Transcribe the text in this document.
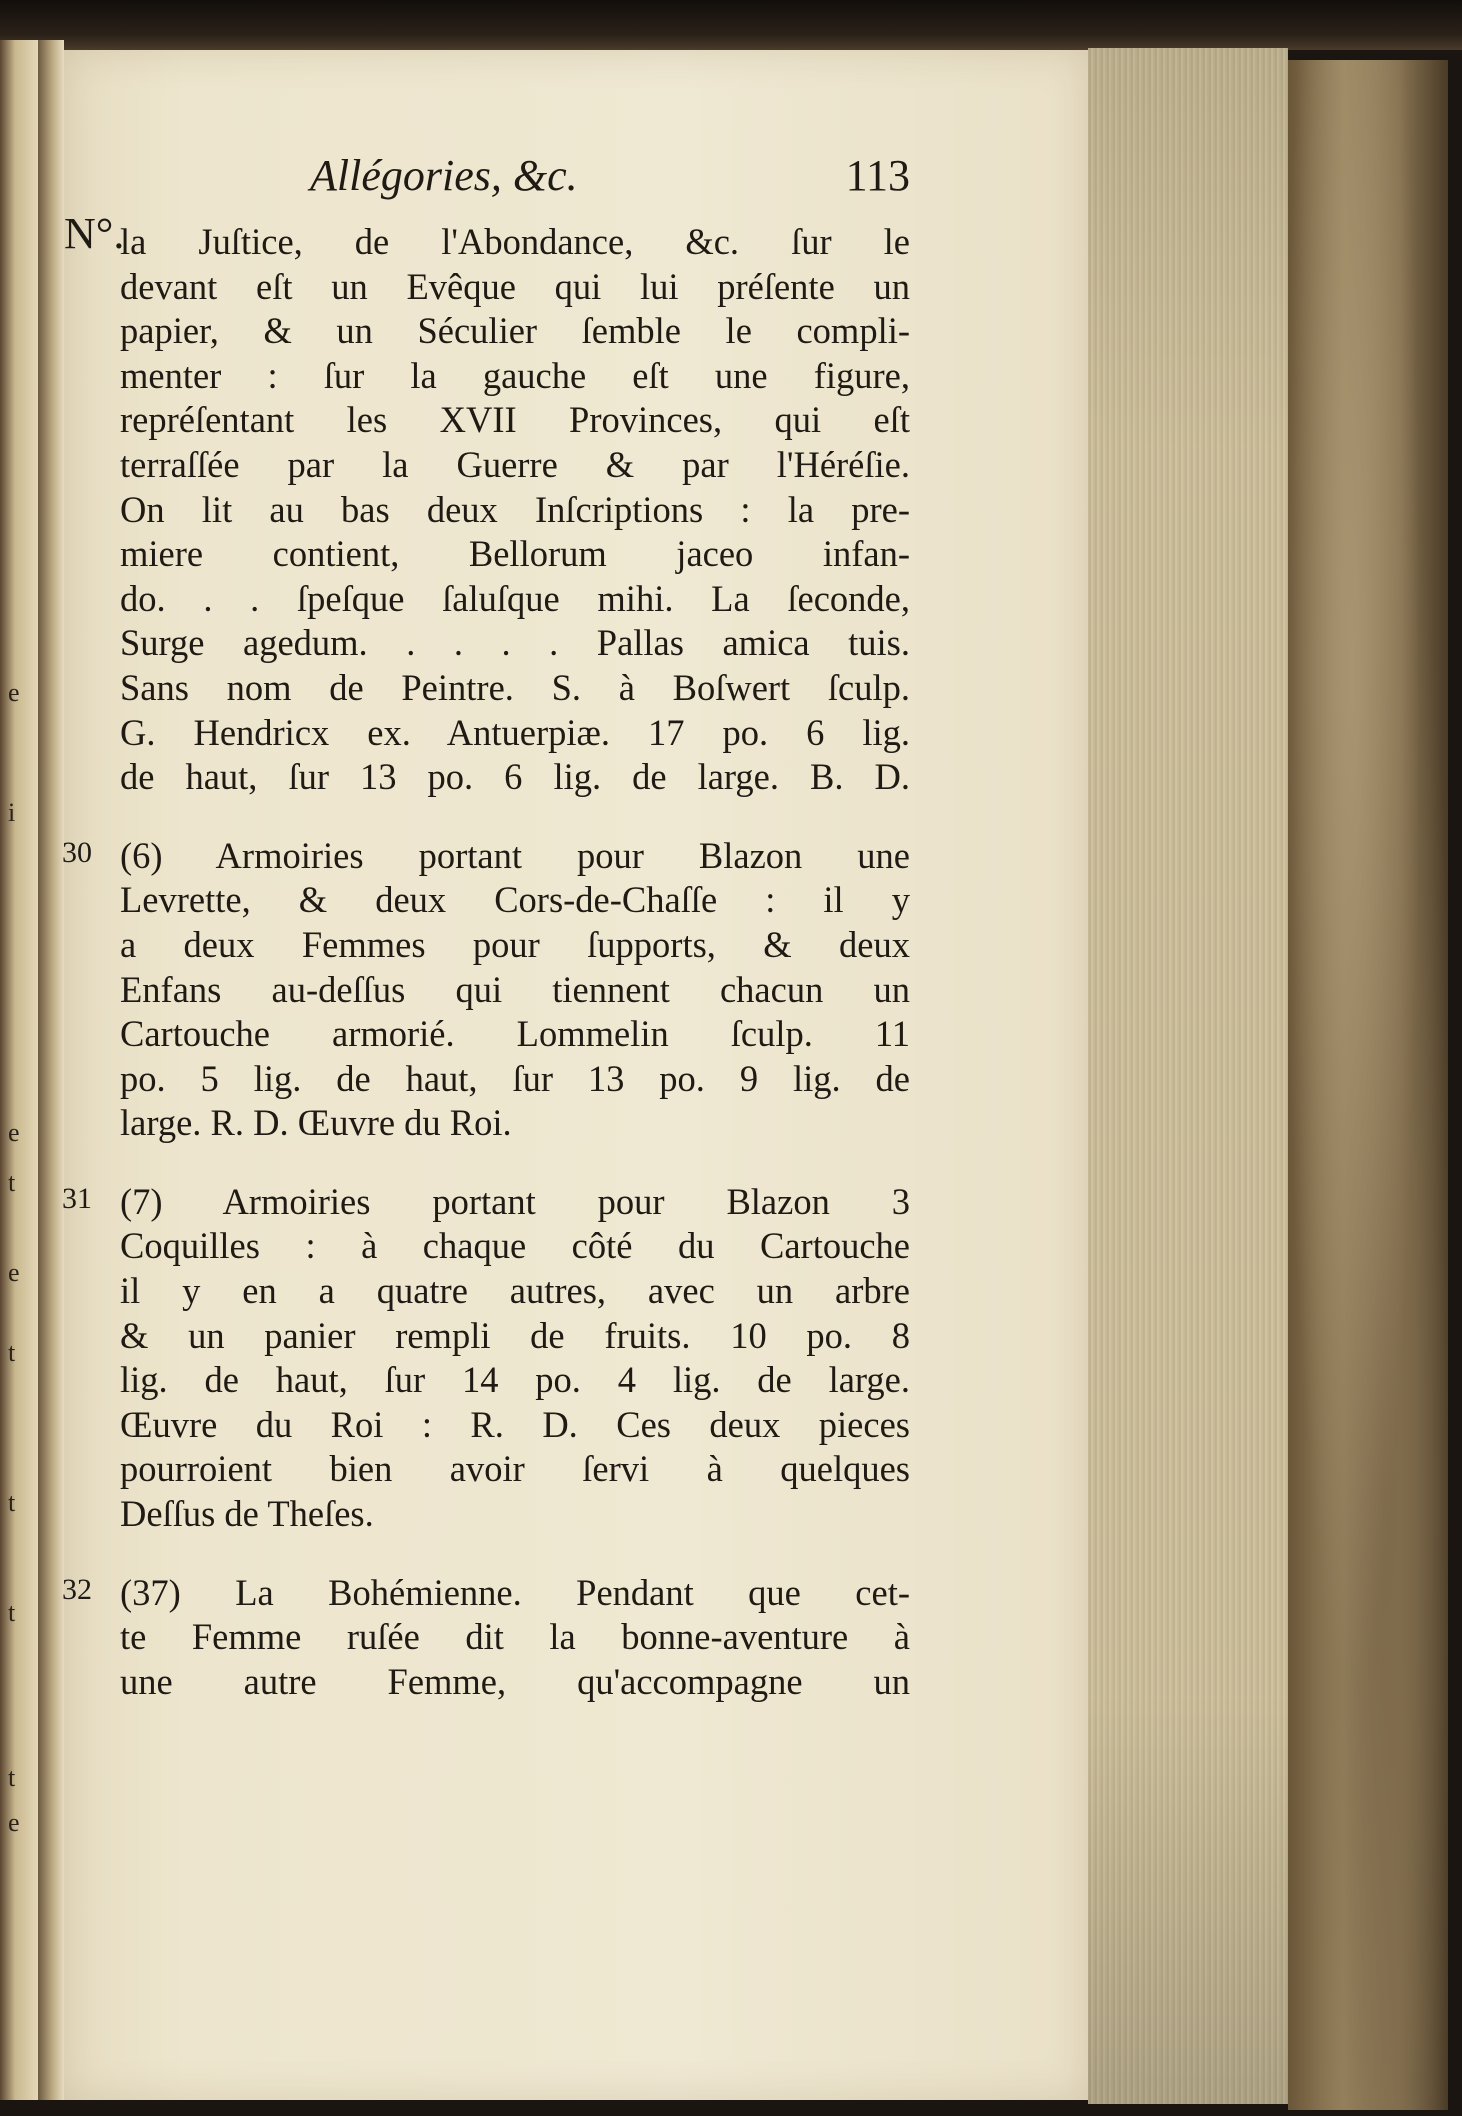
e
i
e
t
e
t
t
t
t
e
N°.
Allégories, &c.	113
la Juſtice, de l'Abondance, &c. ſur le
devant eſt un Evêque qui lui préſente un
papier, & un Séculier ſemble le compli-
menter : ſur la gauche eſt une figure,
repréſentant les XVII Provinces, qui eſt
terraſſée par la Guerre & par l'Héréſie.
On lit au bas deux Inſcriptions : la pre-
miere contient, Bellorum jaceo infan-
do. . . ſpeſque ſaluſque mihi. La ſeconde,
Surge agedum. . . . . Pallas amica tuis.
Sans nom de Peintre. S. à Boſwert ſculp.
G. Hendricx ex. Antuerpiæ. 17 po. 6 lig.
de haut, ſur 13 po. 6 lig. de large. B. D.
30 (6) Armoiries portant pour Blazon une
Levrette, & deux Cors-de-Chaſſe : il y
a deux Femmes pour ſupports, & deux
Enfans au-deſſus qui tiennent chacun un
Cartouche armorié. Lommelin ſculp. 11
po. 5 lig. de haut, ſur 13 po. 9 lig. de
large. R. D. Œuvre du Roi.
31 (7) Armoiries portant pour Blazon 3
Coquilles : à chaque côté du Cartouche
il y en a quatre autres, avec un arbre
& un panier rempli de fruits. 10 po. 8
lig. de haut, ſur 14 po. 4 lig. de large.
Œuvre du Roi : R. D. Ces deux pieces
pourroient bien avoir ſervi à quelques
Deſſus de Theſes.
32 (37) La Bohémienne. Pendant que cet-
te Femme ruſée dit la bonne-aventure à
une autre Femme, qu'accompagne un
